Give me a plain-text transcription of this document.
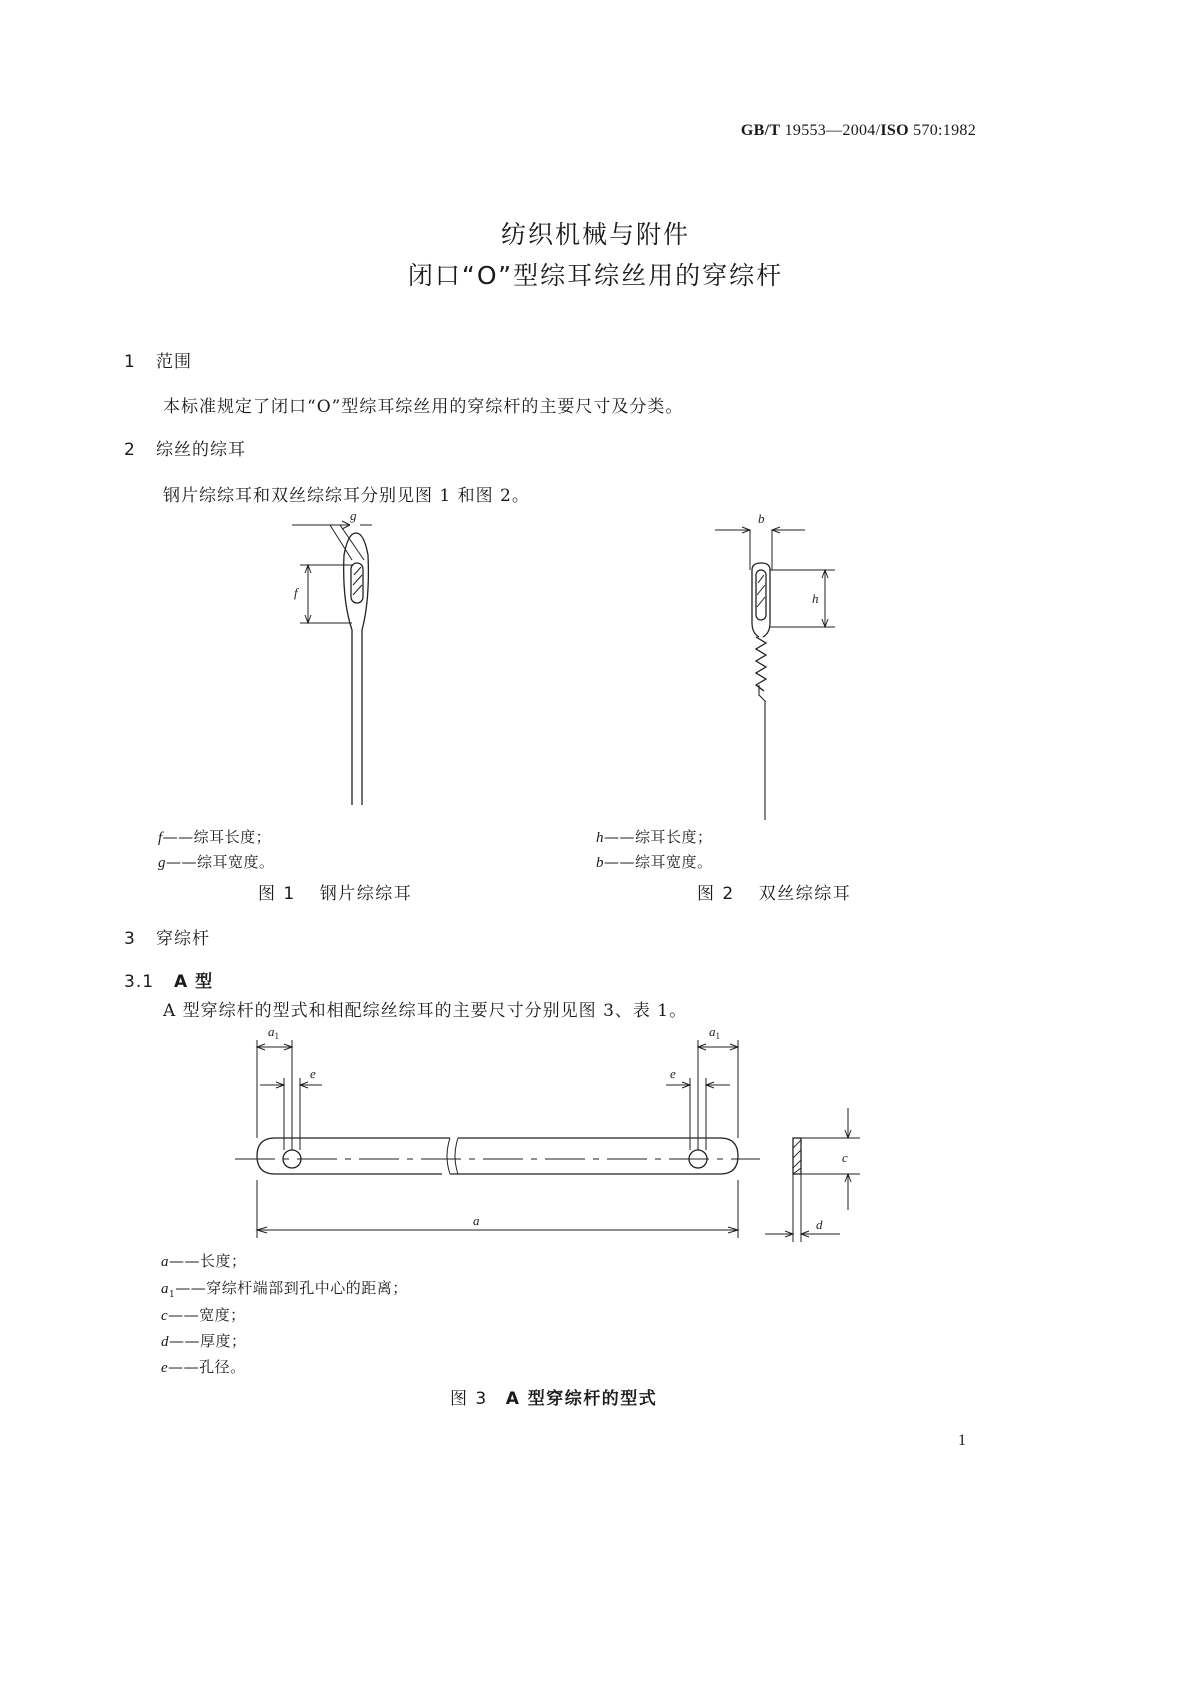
GB/T 19553—2004/ISO 570:1982
纺织机械与附件
闭口“O”型综耳综丝用的穿综杆
1 范围
本标准规定了闭口“O”型综耳综丝用的穿综杆的主要尺寸及分类。
2 综丝的综耳
钢片综综耳和双丝综综耳分别见图 1 和图 2。
g
f
b
h
f——综耳长度；
g——综耳宽度。
图 1 钢片综综耳
h——综耳长度；
b——综耳宽度。
图 2 双丝综综耳
3 穿综杆
3.1 A 型
A 型穿综杆的型式和相配综丝综耳的主要尺寸分别见图 3、表 1。
$a_1$	$a_1$
e	e
a
c
d
a——长度；
$a_1——$穿综杆端部到孔中心的距离；
c——宽度；
d——厚度；
e——孔径。
图 3 A 型穿综杆的型式
1
